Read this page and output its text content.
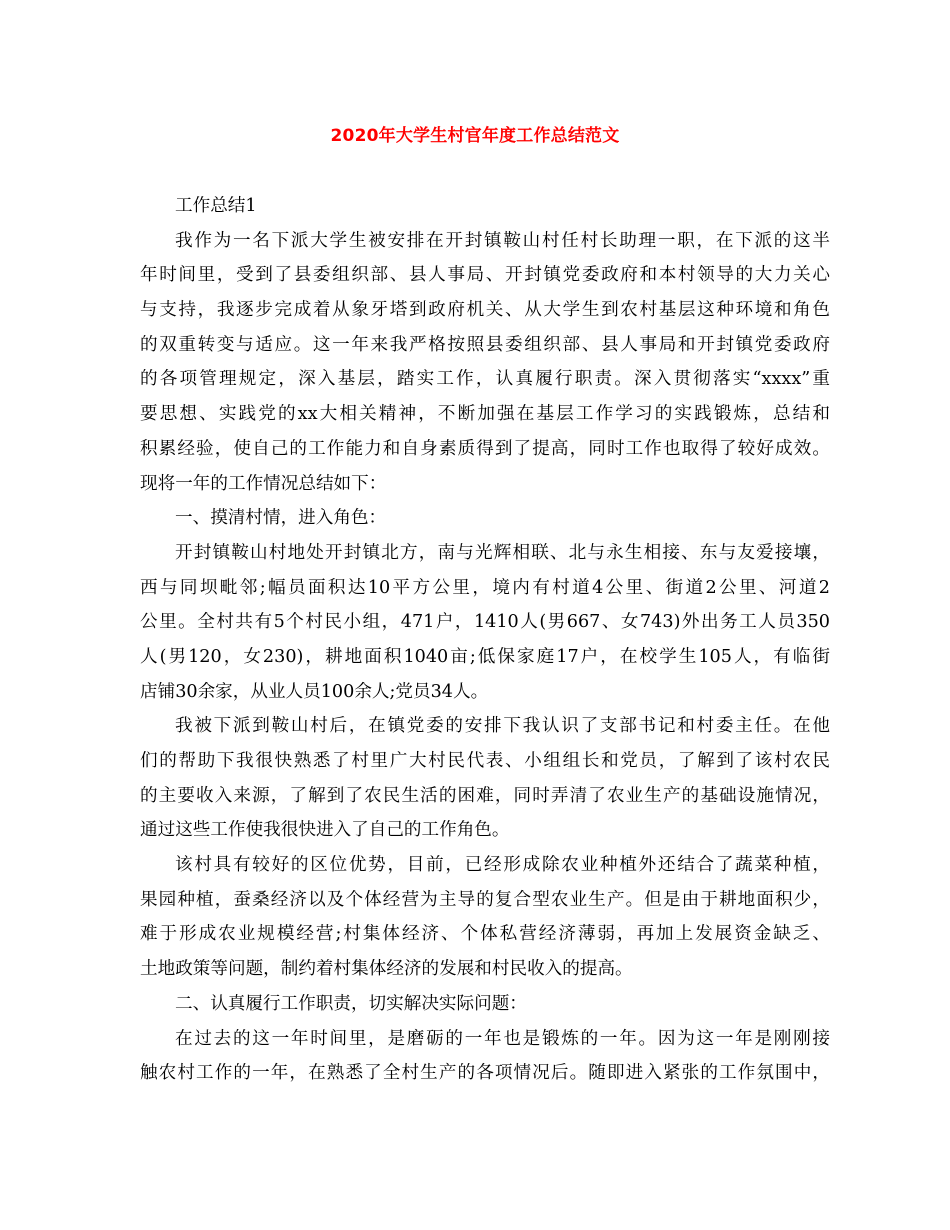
2020年大学生村官年度工作总结范文
工作总结1
我作为一名下派大学生被安排在开封镇鞍山村任村长助理一职，在下派的这半
年时间里，受到了县委组织部、县人事局、开封镇党委政府和本村领导的大力关心
与支持，我逐步完成着从象牙塔到政府机关、从大学生到农村基层这种环境和角色
的双重转变与适应。这一年来我严格按照县委组织部、县人事局和开封镇党委政府
的各项管理规定，深入基层，踏实工作，认真履行职责。深入贯彻落实“xxxx”重
要思想、实践党的xx大相关精神，不断加强在基层工作学习的实践锻炼，总结和
积累经验，使自己的工作能力和自身素质得到了提高，同时工作也取得了较好成效。
现将一年的工作情况总结如下：
一、摸清村情，进入角色：
开封镇鞍山村地处开封镇北方，南与光辉相联、北与永生相接、东与友爱接壤，
西与同坝毗邻;幅员面积达10平方公里，境内有村道4公里、街道2公里、河道2
公里。全村共有5个村民小组，471户，1410人(男667、女743)外出务工人员350
人(男120，女230)，耕地面积1040亩;低保家庭17户，在校学生105人，有临街
店铺30余家，从业人员100余人;党员34人。
我被下派到鞍山村后，在镇党委的安排下我认识了支部书记和村委主任。在他
们的帮助下我很快熟悉了村里广大村民代表、小组组长和党员，了解到了该村农民
的主要收入来源，了解到了农民生活的困难，同时弄清了农业生产的基础设施情况，
通过这些工作使我很快进入了自己的工作角色。
该村具有较好的区位优势，目前，已经形成除农业种植外还结合了蔬菜种植，
果园种植，蚕桑经济以及个体经营为主导的复合型农业生产。但是由于耕地面积少，
难于形成农业规模经营;村集体经济、个体私营经济薄弱，再加上发展资金缺乏、
土地政策等问题，制约着村集体经济的发展和村民收入的提高。
二、认真履行工作职责，切实解决实际问题：
在过去的这一年时间里，是磨砺的一年也是锻炼的一年。因为这一年是刚刚接
触农村工作的一年，在熟悉了全村生产的各项情况后。随即进入紧张的工作氛围中，
